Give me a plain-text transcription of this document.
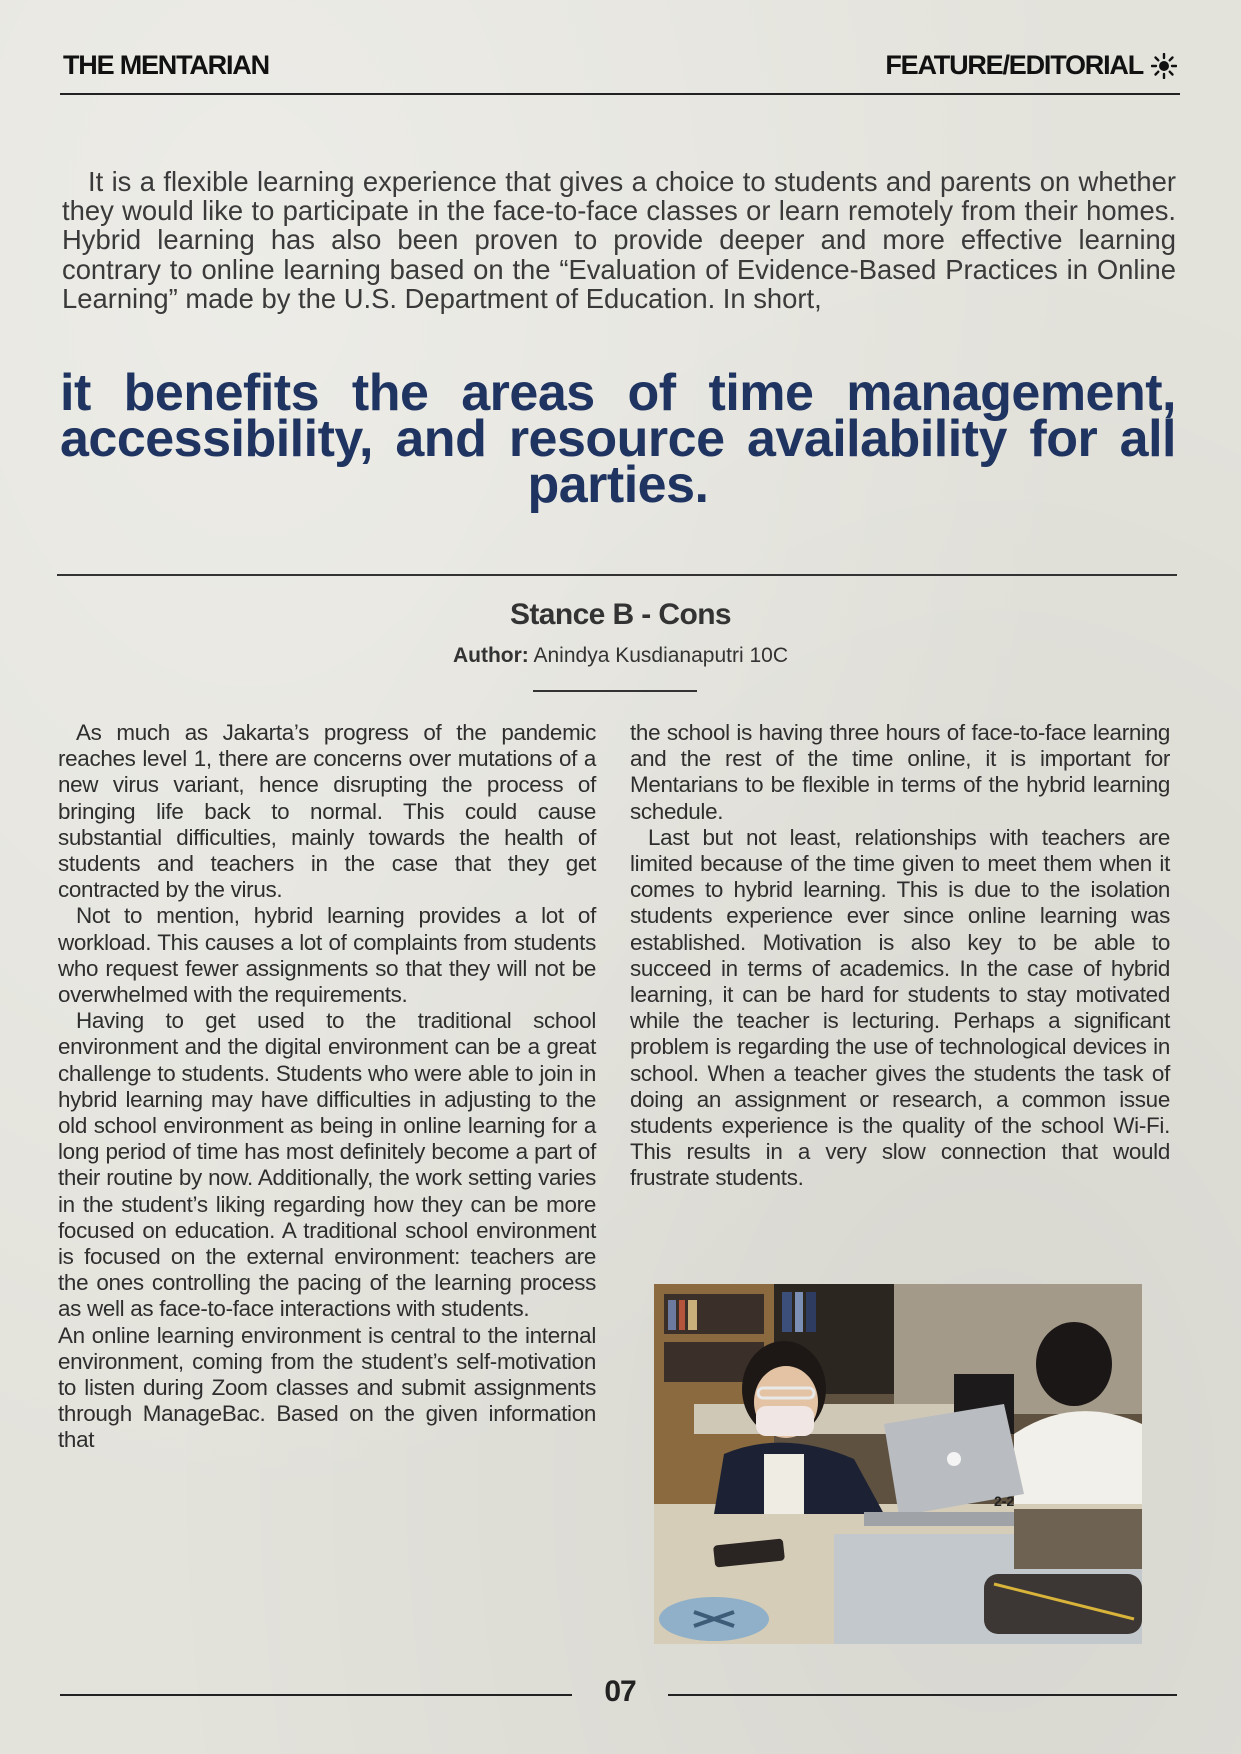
THE MENTARIAN	FEATURE/EDITORIAL

It is a flexible learning experience that gives a choice to students and parents on whether they would like to participate in the face-to-face classes or learn remotely from their homes. Hybrid learning has also been proven to provide deeper and more effective learning contrary to online learning based on the “Evaluation of Evidence-Based Practices in Online Learning” made by the U.S. Department of Education. In short,

it benefits the areas of time management, accessibility, and resource availability for all parties.

Stance B - Cons
Author: Anindya Kusdianaputri 10C

As much as Jakarta’s progress of the pandemic reaches level 1, there are concerns over mutations of a new virus variant, hence disrupting the process of bringing life back to normal. This could cause substantial difficulties, mainly towards the health of students and teachers in the case that they get contracted by the virus.

Not to mention, hybrid learning provides a lot of workload. This causes a lot of complaints from students who request fewer assignments so that they will not be overwhelmed with the requirements.

Having to get used to the traditional school environment and the digital environment can be a great challenge to students. Students who were able to join in hybrid learning may have difficulties in adjusting to the old school environment as being in online learning for a long period of time has most definitely become a part of their routine by now. Additionally, the work setting varies in the student’s liking regarding how they can be more focused on education. A traditional school environment is focused on the external environment: teachers are the ones controlling the pacing of the learning process as well as face-to-face interactions with students.

An online learning environment is central to the internal environment, coming from the student’s self-motivation to listen during Zoom classes and submit assignments through ManageBac. Based on the given information that

the school is having three hours of face-to-face learning and the rest of the time online, it is important for Mentarians to be flexible in terms of the hybrid learning schedule.

Last but not least, relationships with teachers are limited because of the time given to meet them when it comes to hybrid learning. This is due to the isolation students experience ever since online learning was established. Motivation is also key to be able to succeed in terms of academics. In the case of hybrid learning, it can be hard for students to stay motivated while the teacher is lecturing. Perhaps a significant problem is regarding the use of technological devices in school. When a teacher gives the students the task of doing an assignment or research, a common issue students experience is the quality of the school Wi-Fi. This results in a very slow connection that would frustrate students.

2-2
07
